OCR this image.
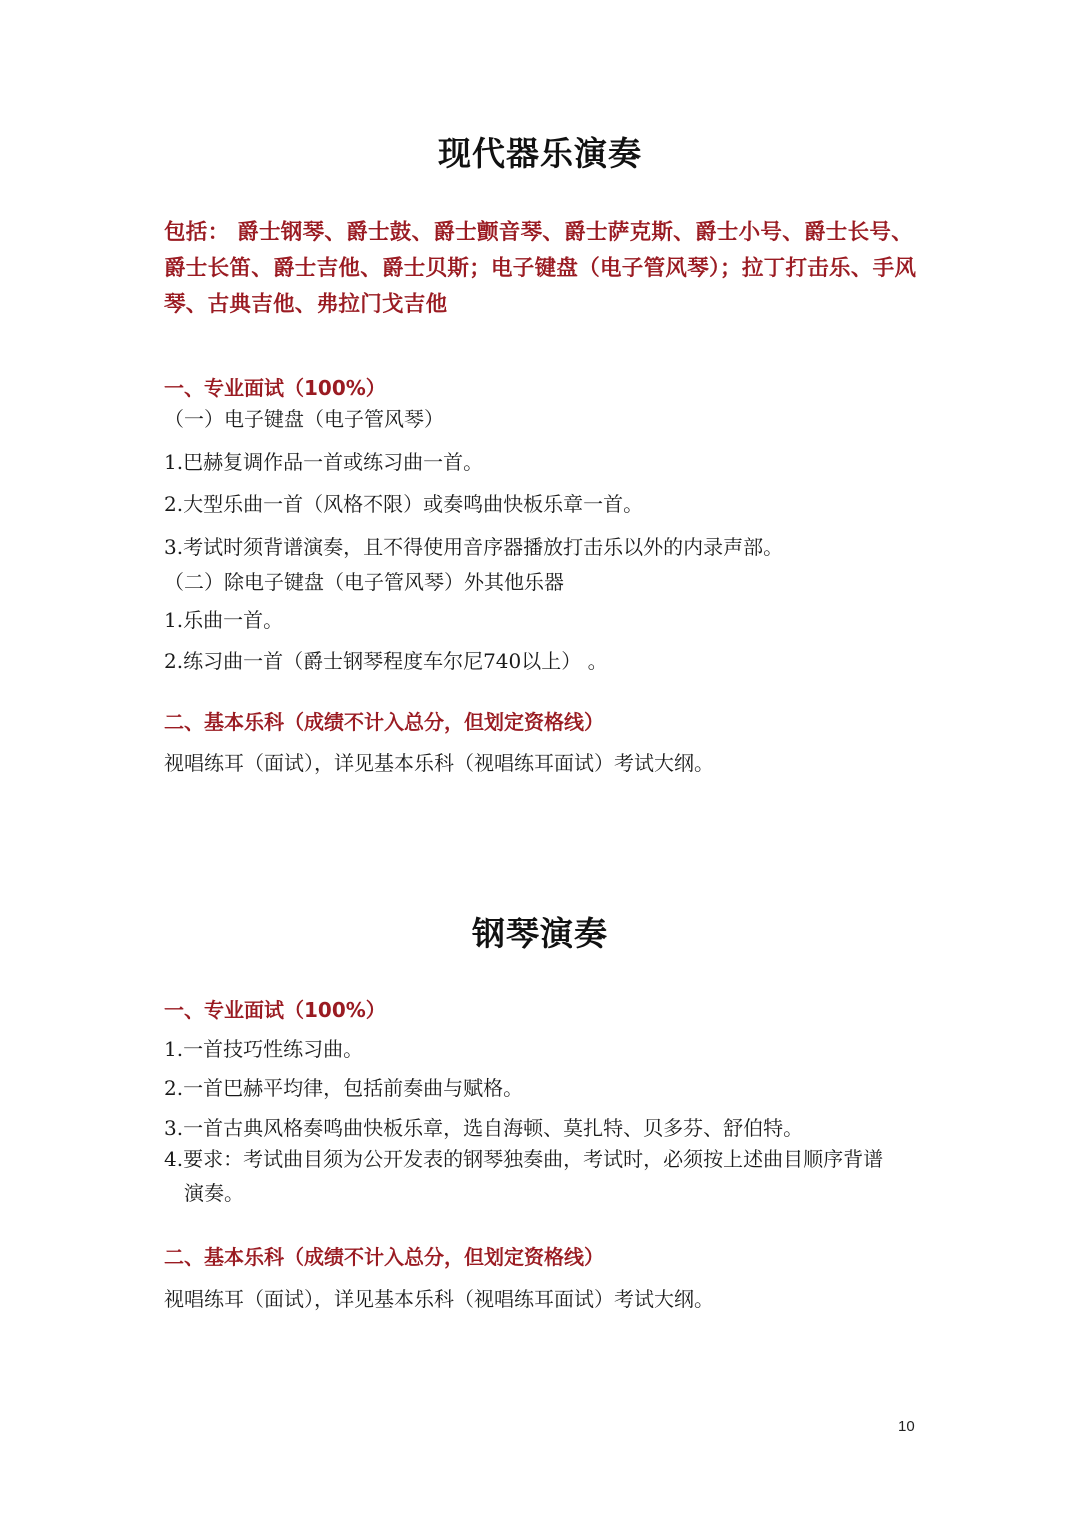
现代器乐演奏
包括： 爵士钢琴、爵士鼓、爵士颤音琴、爵士萨克斯、爵士小号、爵士长号、爵士长笛、爵士吉他、爵士贝斯；电子键盘（电子管风琴）；拉丁打击乐、手风琴、古典吉他、弗拉门戈吉他
一、专业面试（100%）
（一）电子键盘（电子管风琴）
1.巴赫复调作品一首或练习曲一首。
2.大型乐曲一首（风格不限）或奏鸣曲快板乐章一首。
3.考试时须背谱演奏，且不得使用音序器播放打击乐以外的内录声部。
（二）除电子键盘（电子管风琴）外其他乐器
1.乐曲一首。
2.练习曲一首（爵士钢琴程度车尔尼740以上） 。
二、基本乐科（成绩不计入总分，但划定资格线）
视唱练耳（面试），详见基本乐科（视唱练耳面试）考试大纲。
钢琴演奏
一、专业面试（100%）
1.一首技巧性练习曲。
2.一首巴赫平均律，包括前奏曲与赋格。
3.一首古典风格奏鸣曲快板乐章，选自海顿、莫扎特、贝多芬、舒伯特。
4.要求：考试曲目须为公开发表的钢琴独奏曲，考试时，必须按上述曲目顺序背谱
演奏。
二、基本乐科（成绩不计入总分，但划定资格线）
视唱练耳（面试），详见基本乐科（视唱练耳面试）考试大纲。
10
